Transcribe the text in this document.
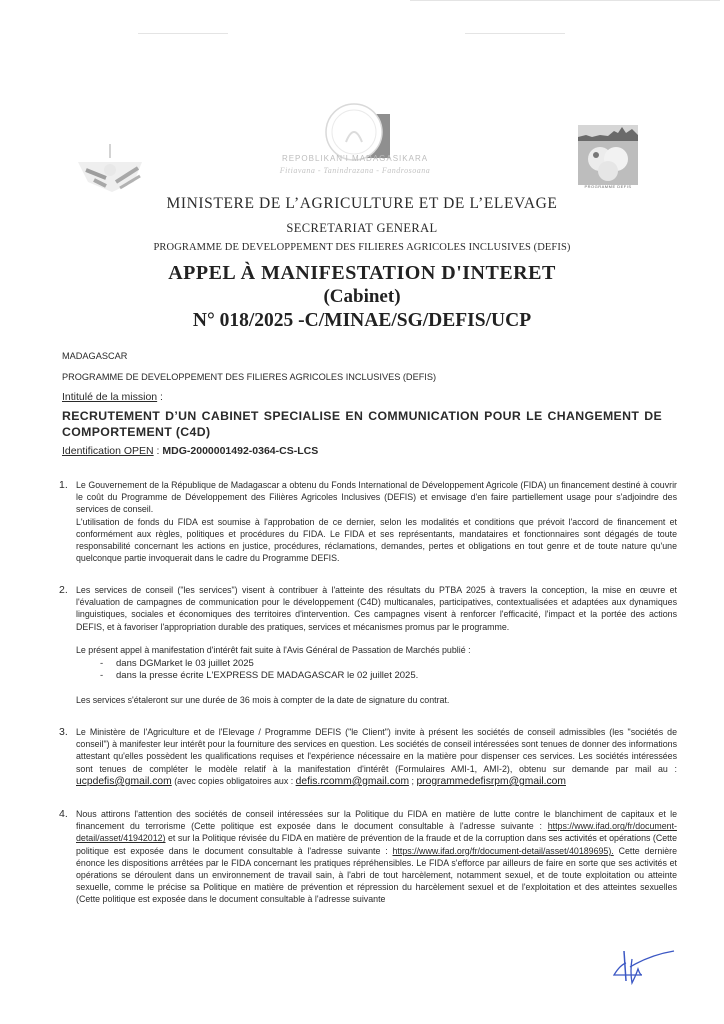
REPOBLIKAN'I MADAGASIKARA
Fitiavana - Tanindrazana - Fandrosoana
PROGRAMME DEFIS
MINISTERE DE L’AGRICULTURE ET DE L’ELEVAGE
SECRETARIAT GENERAL
PROGRAMME DE DEVELOPPEMENT DES FILIERES AGRICOLES INCLUSIVES (DEFIS)
APPEL À MANIFESTATION D'INTERET
(Cabinet)
N° 018/2025 -C/MINAE/SG/DEFIS/UCP
MADAGASCAR
PROGRAMME DE DEVELOPPEMENT DES FILIERES AGRICOLES INCLUSIVES (DEFIS)
Intitulé de la mission :
RECRUTEMENT D’UN CABINET SPECIALISE EN COMMUNICATION POUR LE CHANGEMENT DE COMPORTEMENT (C4D)
Identification OPEN : MDG-2000001492-0364-CS-LCS
1. Le Gouvernement de la République de Madagascar a obtenu du Fonds International de Développement Agricole (FIDA) un financement destiné à couvrir le coût du Programme de Développement des Filières Agricoles Inclusives (DEFIS) et envisage d'en faire partiellement usage pour s'adjoindre des services de conseil.

L'utilisation de fonds du FIDA est soumise à l'approbation de ce dernier, selon les modalités et conditions que prévoit l'accord de financement et conformément aux règles, politiques et procédures du FIDA. Le FIDA et ses représentants, mandataires et fonctionnaires sont dégagés de toute responsabilité concernant les actions en justice, procédures, réclamations, demandes, pertes et obligations en tout genre et de toute nature qu'une quelconque partie invoquerait dans le cadre du Programme DEFIS.

2. Les services de conseil ("les services") visent à contribuer à l'atteinte des résultats du PTBA 2025 à travers la conception, la mise en œuvre et l'évaluation de campagnes de communication pour le développement (C4D) multicanales, participatives, contextualisées et adaptées aux dynamiques linguistiques, sociales et économiques des territoires d'intervention. Ces campagnes visent à renforcer l'efficacité, l'impact et la portée des actions DEFIS, et à favoriser l'appropriation durable des pratiques, services et mécanismes promus par le programme.

Le présent appel à manifestation d'intérêt fait suite à l'Avis Général de Passation de Marchés publié :

- dans DGMarket le 03 juillet 2025
- dans la presse écrite L'EXPRESS DE MADAGASCAR le 02 juillet 2025.

Les services s'étaleront sur une durée de 36 mois à compter de la date de signature du contrat.

3. Le Ministère de l'Agriculture et de l'Elevage / Programme DEFIS ("le Client") invite à présent les sociétés de conseil admissibles (les "sociétés de conseil") à manifester leur intérêt pour la fourniture des services en question. Les sociétés de conseil intéressées sont tenues de donner des informations attestant qu'elles possèdent les qualifications requises et l'expérience nécessaire en la matière pour dispenser ces services. Les sociétés intéressées sont tenues de compléter le modèle relatif à la manifestation d'intérêt (Formulaires AMI-1, AMI-2), obtenu sur demande par mail au : ucpdefis@gmail.com (avec copies obligatoires aux : defis.rcomm@gmail.com ; programmedefisrpm@gmail.com

4. Nous attirons l'attention des sociétés de conseil intéressées sur la Politique du FIDA en matière de lutte contre le blanchiment de capitaux et le financement du terrorisme (Cette politique est exposée dans le document consultable à l'adresse suivante : https://www.ifad.org/fr/document-detail/asset/41942012) et sur la Politique révisée du FIDA en matière de prévention de la fraude et de la corruption dans ses activités et opérations (Cette politique est exposée dans le document consultable à l'adresse suivante : https://www.ifad.org/fr/document-detail/asset/40189695). Cette dernière énonce les dispositions arrêtées par le FIDA concernant les pratiques répréhensibles. Le FIDA s'efforce par ailleurs de faire en sorte que ses activités et opérations se déroulent dans un environnement de travail sain, à l'abri de tout harcèlement, notamment sexuel, et de toute exploitation ou atteinte sexuelle, comme le précise sa Politique en matière de prévention et répression du harcèlement sexuel et de l'exploitation et des atteintes sexuelles (Cette politique est exposée dans le document consultable à l'adresse suivante
